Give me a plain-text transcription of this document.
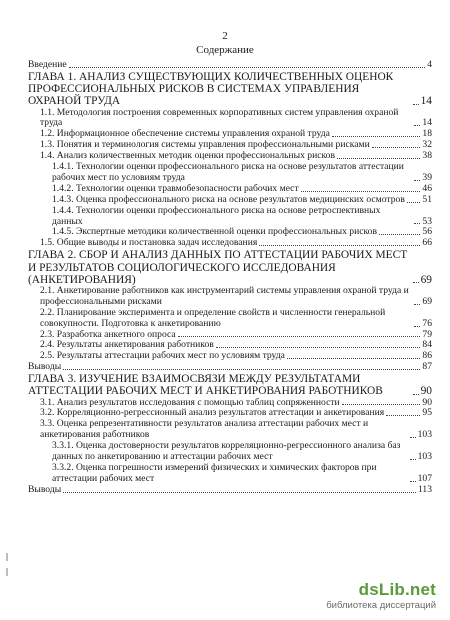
2
Содержание
Введение	4
ГЛАВА 1. АНАЛИЗ СУЩЕСТВУЮЩИХ КОЛИЧЕСТВЕННЫХ ОЦЕНОК ПРОФЕССИОНАЛЬНЫХ РИСКОВ В СИСТЕМАХ УПРАВЛЕНИЯ ОХРАНОЙ ТРУДА	14
1.1. Методология построения современных корпоративных систем управления охраной труда	14
1.2. Информационное обеспечение системы управления охраной труда	18
1.3. Понятия и терминология системы управления профессиональными рисками	32
1.4. Анализ количественных методик оценки профессиональных рисков	38
1.4.1. Технологии оценки профессионального риска на основе результатов аттестации рабочих мест по условиям труда	39
1.4.2. Технологии оценки травмобезопасности рабочих мест	46
1.4.3. Оценка профессионального риска на основе результатов медицинских осмотров 51
1.4.4. Технологии оценки профессионального риска на основе ретроспективных данных	53
1.4.5. Экспертные методики количественной оценки профессиональных рисков	56
1.5. Общие выводы и постановка задач исследования	66
ГЛАВА 2. СБОР И АНАЛИЗ ДАННЫХ ПО АТТЕСТАЦИИ РАБОЧИХ МЕСТ И РЕЗУЛЬТАТОВ СОЦИОЛОГИЧЕСКОГО ИССЛЕДОВАНИЯ (АНКЕТИРОВАНИЯ)	69
2.1. Анкетирование работников как инструментарий системы управления охраной труда и профессиональными рисками	69
2.2. Планирование эксперимента и определение свойств и численности генеральной совокупности. Подготовка к анкетированию	76
2.3. Разработка анкетного опроса	79
2.4. Результаты анкетирования работников	84
2.5. Результаты аттестации рабочих мест по условиям труда	86
Выводы	87
ГЛАВА 3. ИЗУЧЕНИЕ ВЗАИМОСВЯЗИ МЕЖДУ РЕЗУЛЬТАТАМИ АТТЕСТАЦИИ РАБОЧИХ МЕСТ И АНКЕТИРОВАНИЯ РАБОТНИКОВ	90
3.1. Анализ результатов исследования с помощью таблиц сопряженности	90
3.2. Корреляционно-регрессионный анализ результатов аттестации и анкетирования	95
3.3. Оценка репрезентативности результатов анализа аттестации рабочих мест и анкетирования работников	103
3.3.1. Оценка достоверности результатов корреляционно-регрессионного анализа баз данных по анкетированию и аттестации рабочих мест	103
3.3.2. Оценка погрешности измерений физических и химических факторов при аттестации рабочих мест	107
Выводы	113
dsLib.net
библиотека диссертаций
